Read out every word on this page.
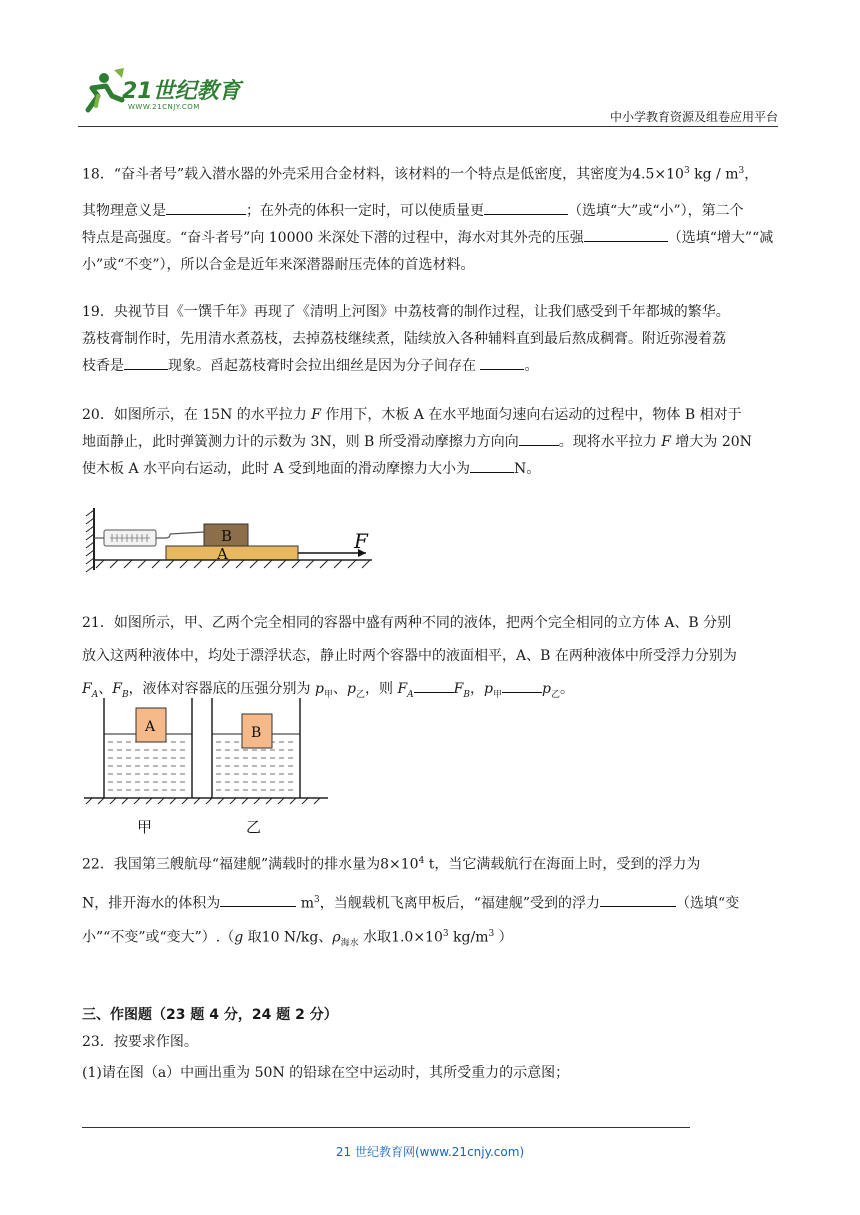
21世纪教育
WWW.21CNJY.COM
中小学教育资源及组卷应用平台

18．“奋斗者号”载入潜水器的外壳采用合金材料，该材料的一个特点是低密度，其密度为$4.5\times 10^3$ kg / $m^3$，

其物理意义是	；在外壳的体积一定时，可以使质量更	（选填“大”或“小”），第二个

特点是高强度。“奋斗者号”向 10000 米深处下潜的过程中，海水对其外壳的压强	（选填“增大”“减

小”或“不变”），所以合金是近年来深潜器耐压壳体的首选材料。

19．央视节目《一馔千年》再现了《清明上河图》中荔枝膏的制作过程，让我们感受到千年都城的繁华。

荔枝膏制作时，先用清水煮荔枝，去掉荔枝继续煮，陆续放入各种辅料直到最后熬成稠膏。附近弥漫着荔

枝香是	现象。舀起荔枝膏时会拉出细丝是因为分子间存在	。

20．如图所示，在 15N 的水平拉力 F 作用下，木板 A 在水平地面匀速向右运动的过程中，物体 B 相对于

地面静止，此时弹簧测力计的示数为 3N，则 B 所受滑动摩擦力方向向	。现将水平拉力 F 增大为 20N

使木板 A 水平向右运动，此时 A 受到地面的滑动摩擦力大小为	N。

B
A
F

21．如图所示，甲、乙两个完全相同的容器中盛有两种不同的液体，把两个完全相同的立方体 A、B 分别

放入这两种液体中，均处于漂浮状态，静止时两个容器中的液面相平，A、B 在两种液体中所受浮力分别为

$F_A$、$F_B$，液体对容器底的压强分别为 $p_甲$、$p_乙$，则 $F_A$	$F_B$，$p_甲$	$p_乙$。

A	B
甲	乙

22．我国第三艘航母“福建舰”满载时的排水量为$8\times 10^4$ t，当它满载航行在海面上时，受到的浮力为

N，排开海水的体积为	$m^3$，当舰载机飞离甲板后，“福建舰”受到的浮力	（选填“变

小”“不变”或“变大”）.（g 取10 N/kg、$\rho_{海水}$ 水取$1.0\times 10^3$ $kg/m^3$ ）

三、作图题（23 题 4 分，24 题 2 分）

23．按要求作图。

(1)请在图（a）中画出重为 50N 的铅球在空中运动时，其所受重力的示意图；

21 世纪教育网(www.21cnjy.com)
